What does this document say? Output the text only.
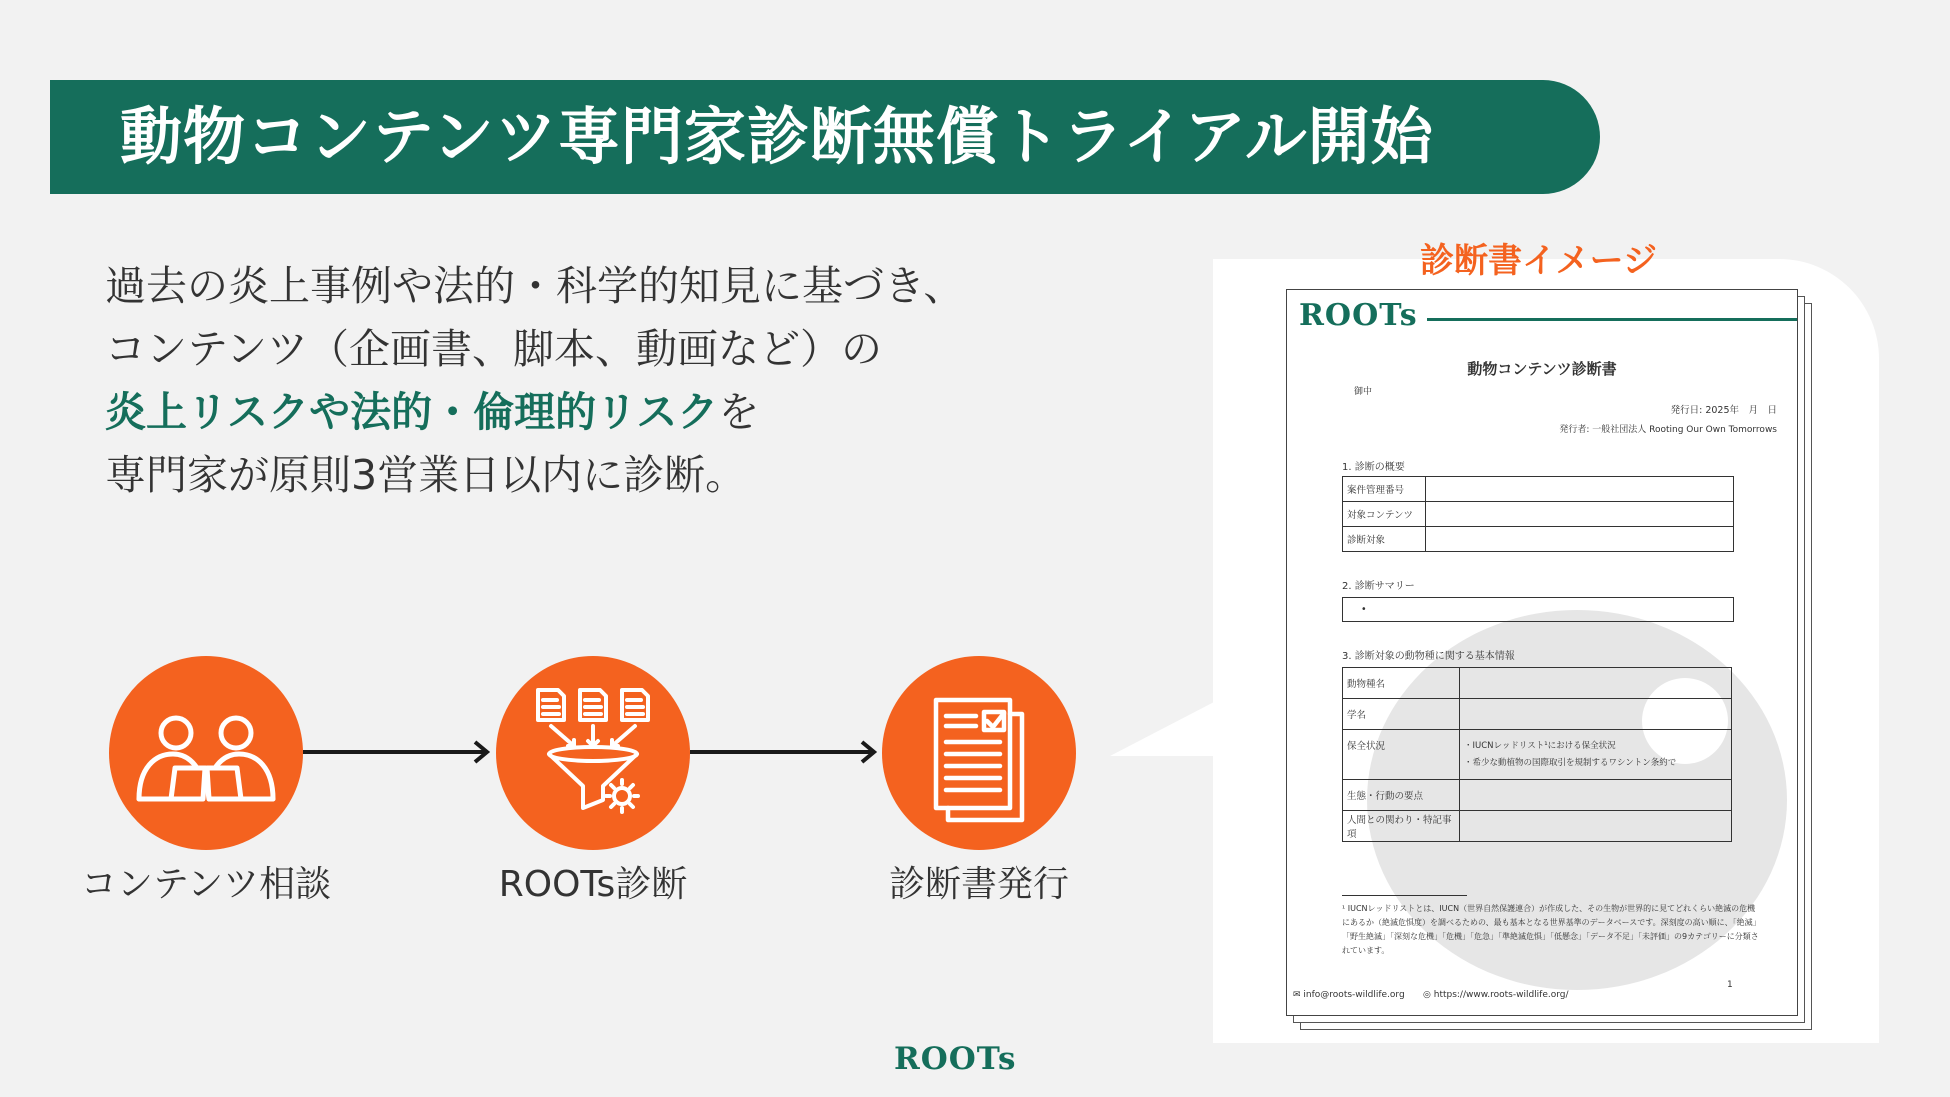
動物コンテンツ専門家診断無償トライアル開始
過去の炎上事例や法的・科学的知見に基づき、
コンテンツ（企画書、脚本、動画など）の
炎上リスクや法的・倫理的リスクを
専門家が原則3営業日以内に診断。
コンテンツ相談	ROOTs診断	診断書発行
診断書イメージ
ROOTs
動物コンテンツ診断書
御中
発行日: 2025年　月　日
発行者: 一般社団法人 Rooting Our Own Tomorrows
1. 診断の概要
案件管理番号	
対象コンテンツ	
診断対象	
2. 診断サマリー
•
3. 診断対象の動物種に関する基本情報
動物種名	
学名	
保全状況	・IUCNレッドリスト¹における保全状況
・希少な動植物の国際取引を規制するワシントン条約で

生態・行動の要点	
人間との関わり・特記事項	
¹ IUCNレッドリストとは、IUCN（世界自然保護連合）が作成した、その生物が世界的に見てどれくらい絶滅の危機にあるか（絶滅危惧度）を調べるための、最も基本となる世界基準のデータベースです。深刻度の高い順に、「絶滅」「野生絶滅」「深刻な危機」「危機」「危急」「準絶滅危惧」「低懸念」「データ不足」「未評価」の9カテゴリーに分類されています。
✉ info@roots-wildlife.org ◎ https://www.roots-wildlife.org/
1
ROOTs
